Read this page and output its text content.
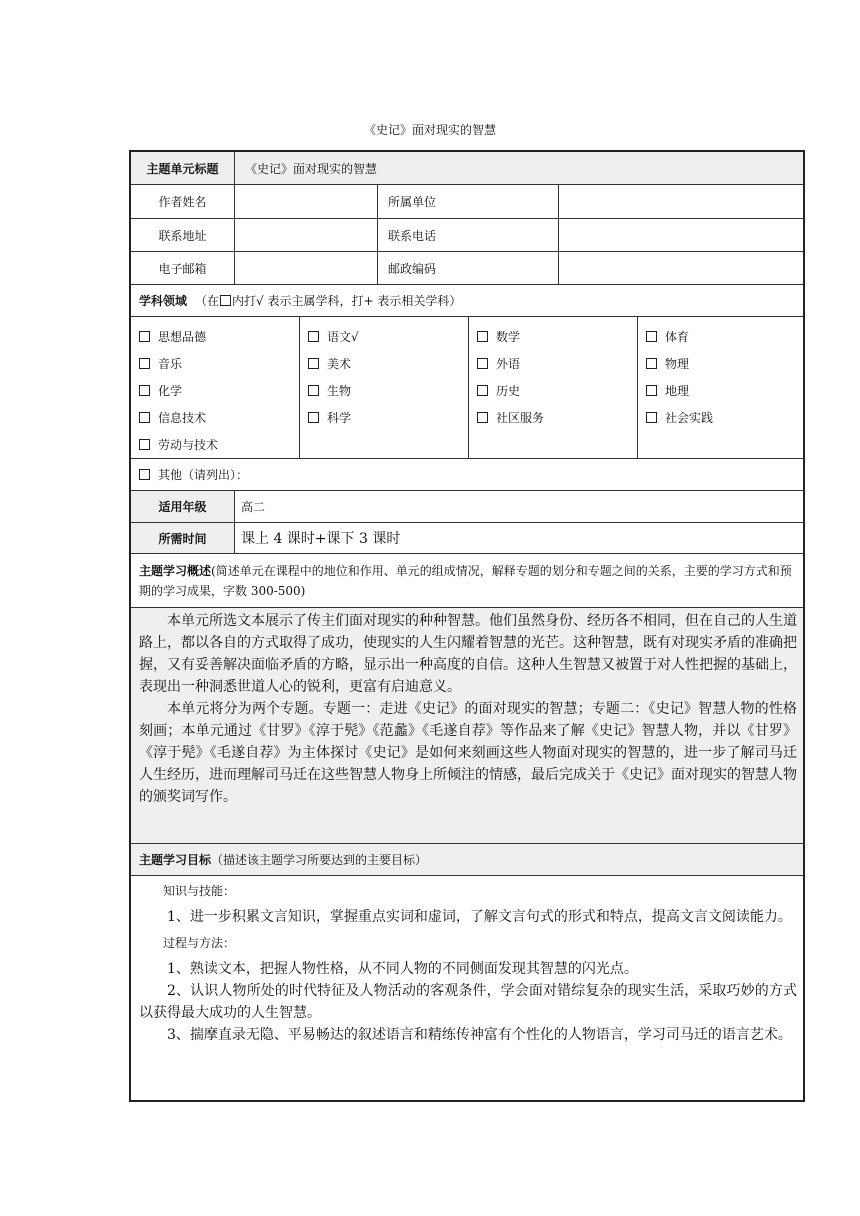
《史记》面对现实的智慧
主题单元标题	《史记》面对现实的智慧
作者姓名	所属单位
联系地址	联系电话
电子邮箱	邮政编码
学科领域 （在 内打√ 表示主属学科，打+ 表示相关学科）
思想品德
音乐
化学
信息技术
劳动与技术
语文√
美术
生物
科学
数学
外语
历史
社区服务
体育
物理
地理
社会实践
其他（请列出）：
适用年级	高二
所需时间	课上 4 课时+课下 3 课时
主题学习概述(简述单元在课程中的地位和作用、单元的组成情况，解释专题的划分和专题之间的关系，主要的学习方式和预期的学习成果，字数 300-500)

本单元所选文本展示了传主们面对现实的种种智慧。他们虽然身份、经历各不相同，但在自己的人生道路上，都以各自的方式取得了成功，使现实的人生闪耀着智慧的光芒。这种智慧，既有对现实矛盾的准确把握，又有妥善解决面临矛盾的方略，显示出一种高度的自信。这种人生智慧又被置于对人性把握的基础上，表现出一种洞悉世道人心的锐利，更富有启迪意义。

本单元将分为两个专题。专题一：走进《史记》的面对现实的智慧；专题二：《史记》智慧人物的性格刻画；本单元通过《甘罗》《淳于髡》《范蠡》《毛遂自荐》等作品来了解《史记》智慧人物，并以《甘罗》《淳于髡》《毛遂自荐》为主体探讨《史记》是如何来刻画这些人物面对现实的智慧的，进一步了解司马迁人生经历，进而理解司马迁在这些智慧人物身上所倾注的情感，最后完成关于《史记》面对现实的智慧人物的颁奖词写作。

主题学习目标 （描述该主题学习所要达到的主要目标）

知识与技能：

1、进一步积累文言知识，掌握重点实词和虚词，了解文言句式的形式和特点，提高文言文阅读能力。

过程与方法：

1、熟读文本，把握人物性格，从不同人物的不同侧面发现其智慧的闪光点。

2、认识人物所处的时代特征及人物活动的客观条件，学会面对错综复杂的现实生活，采取巧妙的方式以获得最大成功的人生智慧。

3、揣摩直录无隐、平易畅达的叙述语言和精练传神富有个性化的人物语言，学习司马迁的语言艺术。
